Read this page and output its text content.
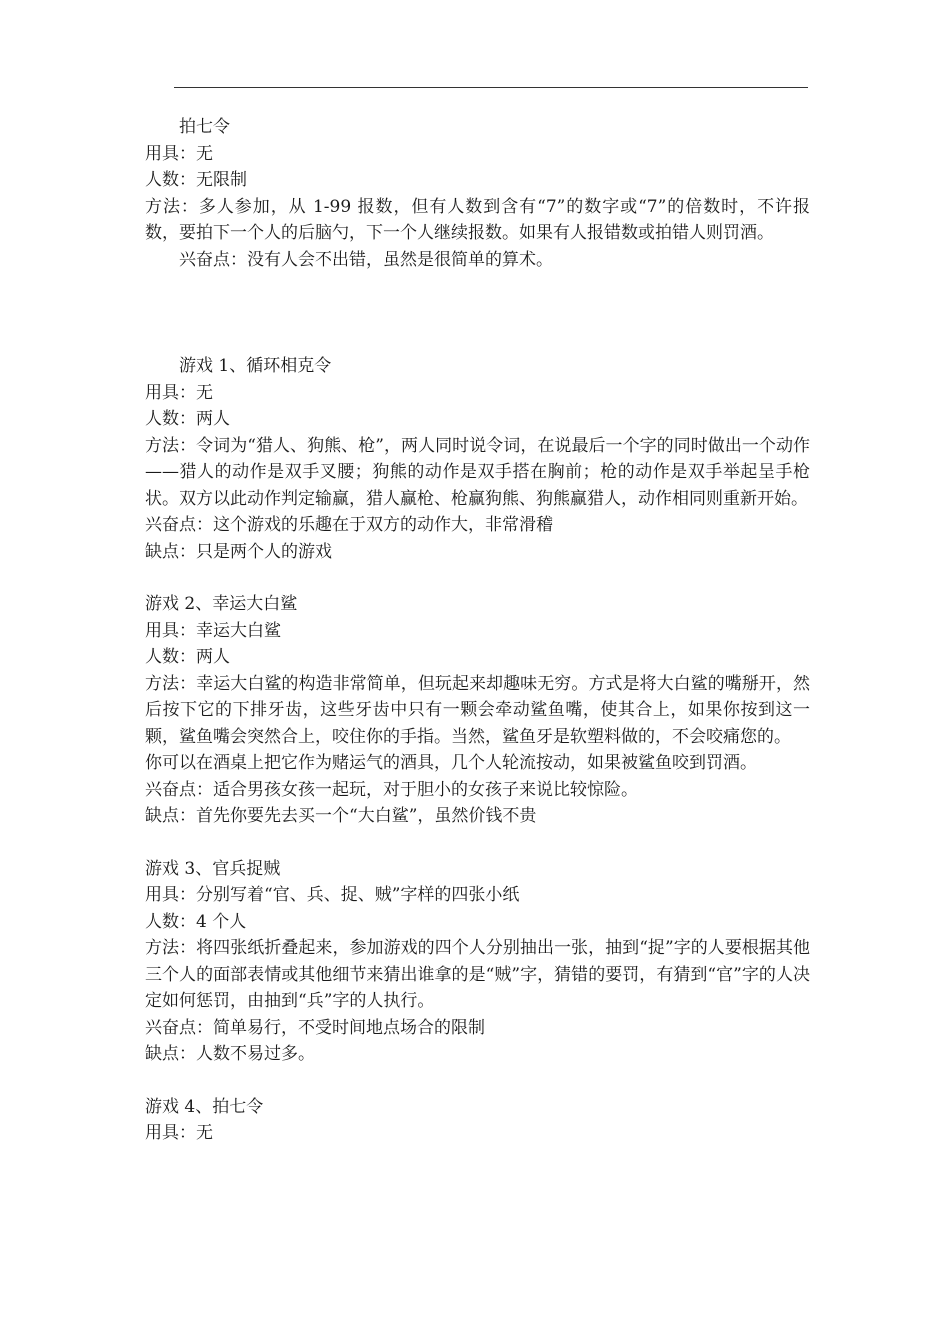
拍七令

用具：无

人数：无限制

方法：多人参加，从 1-99 报数，但有人数到含有“7”的数字或“7”的倍数时，不许报数，要拍下一个人的后脑勺，下一个人继续报数。如果有人报错数或拍错人则罚酒。

兴奋点：没有人会不出错，虽然是很简单的算术。

游戏 1、循环相克令

用具：无

人数：两人

方法：令词为“猎人、狗熊、枪”，两人同时说令词，在说最后一个字的同时做出一个动作——猎人的动作是双手叉腰；狗熊的动作是双手搭在胸前；枪的动作是双手举起呈手枪状。双方以此动作判定输赢，猎人赢枪、枪赢狗熊、狗熊赢猎人，动作相同则重新开始。

兴奋点：这个游戏的乐趣在于双方的动作大，非常滑稽

缺点：只是两个人的游戏

游戏 2、幸运大白鲨

用具：幸运大白鲨

人数：两人

方法：幸运大白鲨的构造非常简单，但玩起来却趣味无穷。方式是将大白鲨的嘴掰开，然后按下它的下排牙齿，这些牙齿中只有一颗会牵动鲨鱼嘴，使其合上，如果你按到这一颗，鲨鱼嘴会突然合上，咬住你的手指。当然，鲨鱼牙是软塑料做的，不会咬痛您的。

你可以在酒桌上把它作为赌运气的酒具，几个人轮流按动，如果被鲨鱼咬到罚酒。

兴奋点：适合男孩女孩一起玩，对于胆小的女孩子来说比较惊险。

缺点：首先你要先去买一个“大白鲨”，虽然价钱不贵

游戏 3、官兵捉贼

用具：分别写着“官、兵、捉、贼”字样的四张小纸

人数：4 个人

方法：将四张纸折叠起来，参加游戏的四个人分别抽出一张，抽到“捉”字的人要根据其他三个人的面部表情或其他细节来猜出谁拿的是“贼”字，猜错的要罚，有猜到“官”字的人决定如何惩罚，由抽到“兵”字的人执行。

兴奋点：简单易行，不受时间地点场合的限制

缺点：人数不易过多。

游戏 4、拍七令

用具：无
